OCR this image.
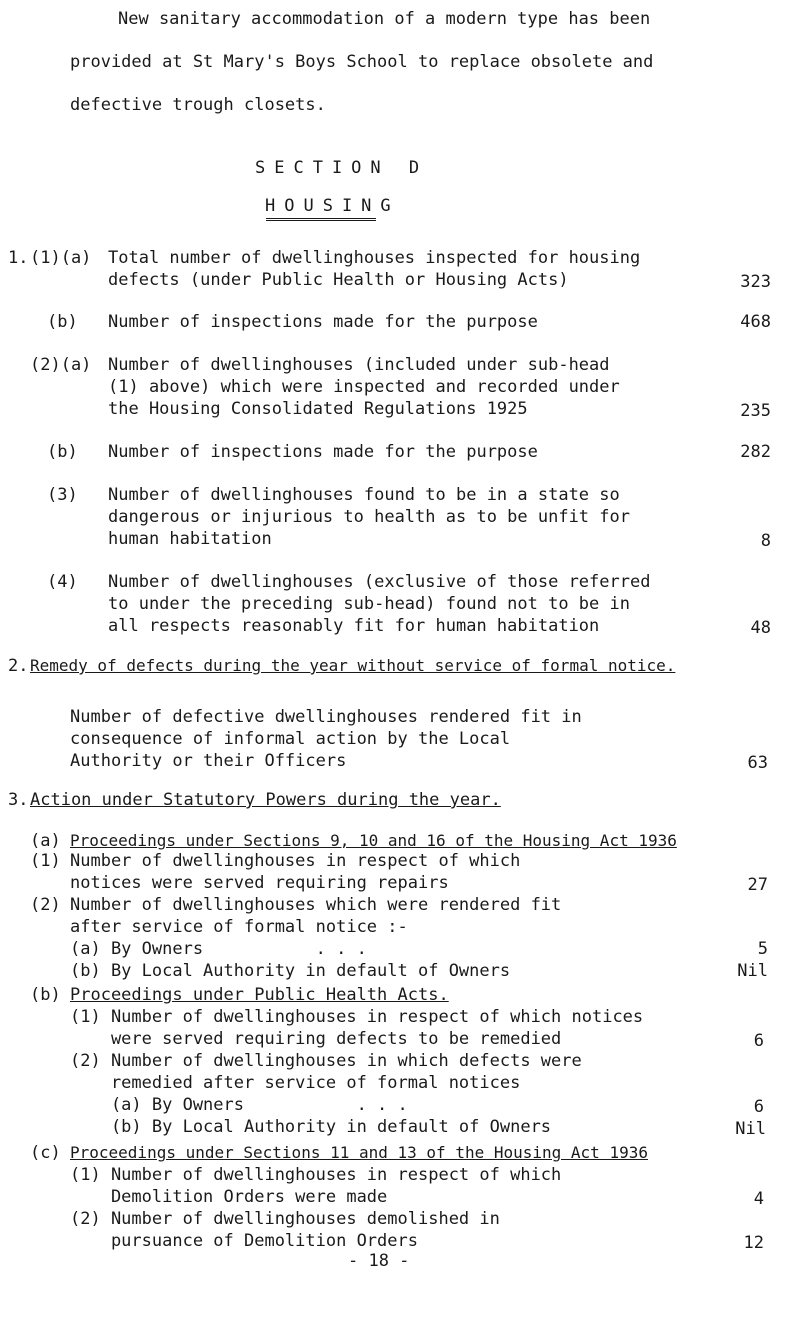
New sanitary accommodation of a modern type has been
provided at St Mary's Boys School to replace obsolete and
defective trough closets.
SECTION D
HOUSING
1. (1)(a) Total number of dwellinghouses inspected for housing
defects (under Public Health or Housing Acts)	323
(b) Number of inspections made for the purpose	468
(2)(a) Number of dwellinghouses (included under sub-head
(1) above) which were inspected and recorded under
the Housing Consolidated Regulations 1925	235
(b) Number of inspections made for the purpose	282
(3) Number of dwellinghouses found to be in a state so
dangerous or injurious to health as to be unfit for
human habitation	8
(4) Number of dwellinghouses (exclusive of those referred
to under the preceding sub-head) found not to be in
all respects reasonably fit for human habitation	48
2. Remedy of defects during the year without service of formal notice.
Number of defective dwellinghouses rendered fit in
consequence of informal action by the Local
Authority or their Officers	63
3. Action under Statutory Powers during the year.
(a) Proceedings under Sections 9, 10 and 16 of the Housing Act 1936
(1) Number of dwellinghouses in respect of which
notices were served requiring repairs	27
(2) Number of dwellinghouses which were rendered fit
after service of formal notice :-
(a) By Owners           . . .	5
(b) By Local Authority in default of Owners	Nil
(b) Proceedings under Public Health Acts.
(1) Number of dwellinghouses in respect of which notices
were served requiring defects to be remedied	6
(2) Number of dwellinghouses in which defects were
remedied after service of formal notices
(a) By Owners           . . .	6
(b) By Local Authority in default of Owners	Nil
(c) Proceedings under Sections 11 and 13 of the Housing Act 1936
(1) Number of dwellinghouses in respect of which
Demolition Orders were made	4
(2) Number of dwellinghouses demolished in
pursuance of Demolition Orders	12
- 18 -
